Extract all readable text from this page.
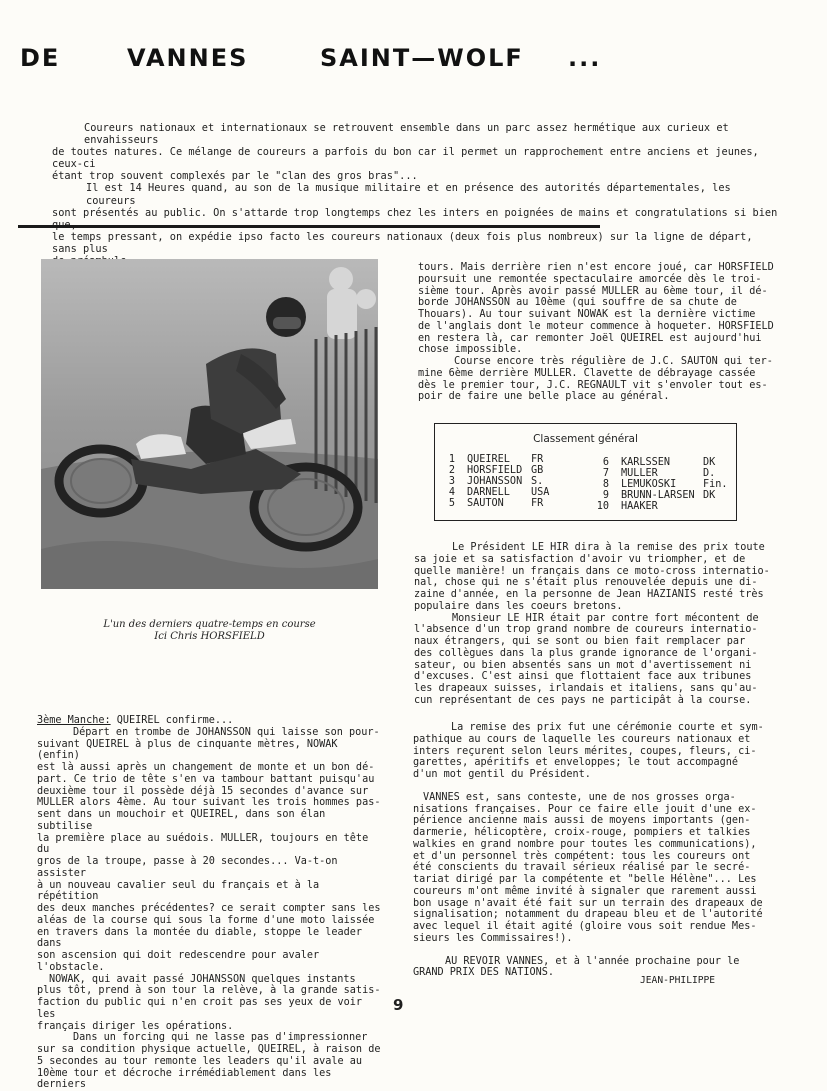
DE	VANNES	SAINT—WOLF ...

Coureurs nationaux et internationaux se retrouvent ensemble dans un parc assez hermétique aux curieux et envahisseurs

de toutes natures. Ce mélange de coureurs a parfois du bon car il permet un rapprochement entre anciens et jeunes, ceux-ci

étant trop souvent complexés par le "clan des gros bras"...

Il est 14 Heures quand, au son de la musique militaire et en présence des autorités départementales, les coureurs

sont présentés au public. On s'attarde trop longtemps chez les inters en poignées de mains et congratulations si bien

le temps pressant, on expédie ipso facto les coureurs nationaux (deux fois plus nombreux) sur la ligne de départ, sans plus

L'un des derniers quatre-temps en course
Ici Chris HORSFIELD

tours. Mais derrière rien n'est encore joué, car HORSFIELD

poursuit une remontée spectaculaire amorcée dès le troi-

sième tour. Après avoir passé MULLER au 6ème tour, il dé-

borde JOHANSSON au 10ème (qui souffre de sa chute de

Thouars). Au tour suivant NOWAK est la dernière victime

de l'anglais dont le moteur commence à hoqueter. HORSFIELD

en restera là, car remonter Joël QUEIREL est aujourd'hui

chose impossible.

Course encore très régulière de J.C. SAUTON qui ter-

mine 6ème derrière MULLER. Clavette de débrayage cassée

dès le premier tour, J.C. REGNAULT vit s'envoler tout es-

poir de faire une belle place au général.

Classement général
1 QUEIREL FR
2 HORSFIELD GB
3 JOHANSSON S.
4 DARNELL USA
5 SAUTON	FR
6 KARLSSEN	DK
7 MULLER	D.
8 LEMUKOSKI	Fin.
9 BRUNN-LARSEN DK
10 HAAKER

Le Président LE HIR dira à la remise des prix toute

sa joie et sa satisfaction d'avoir vu triompher, et de

quelle manière! un français dans ce moto-cross internatio-

nal, chose qui ne s'était plus renouvelée depuis une di-

zaine d'année, en la personne de Jean HAZIANIS resté très

populaire dans les coeurs bretons.

Monsieur LE HIR était par contre fort mécontent de

l'absence d'un trop grand nombre de coureurs internatio-

naux étrangers, qui se sont ou bien fait remplacer par

des collègues dans la plus grande ignorance de l'organi-

sateur, ou bien absentés sans un mot d'avertissement ni

d'excuses. C'est ainsi que flottaient face aux tribunes

les drapeaux suisses, irlandais et italiens, sans qu'au-

cun représentant de ces pays ne participât à la course.

3ème Manche: QUEIREL confirme...

Départ en trombe de JOHANSSON qui laisse son pour-

suivant QUEIREL à plus de cinquante mètres, NOWAK (enfin)

est là aussi après un changement de monte et un bon dé-

part. Ce trio de tête s'en va tambour battant puisqu'au

deuxième tour il possède déjà 15 secondes d'avance sur

MULLER alors 4ème. Au tour suivant les trois hommes pas-

sent dans un mouchoir et QUEIREL, dans son élan subtilise

la première place au suédois. MULLER, toujours en tête du

gros de la troupe, passe à 20 secondes... Va-t-on assister

à un nouveau cavalier seul du français et à la répétition

des deux manches précédentes? ce serait compter sans les

aléas de la course qui sous la forme d'une moto laissée

en travers dans la montée du diable, stoppe le leader dans

son ascension qui doit redescendre pour avaler l'obstacle.

NOWAK, qui avait passé JOHANSSON quelques instants

plus tôt, prend à son tour la relève, à la grande satis-

faction du public qui n'en croit pas ses yeux de voir les

français diriger les opérations.

Dans un forcing qui ne lasse pas d'impressionner

sur sa condition physique actuelle, QUEIREL, à raison de

5 secondes au tour remonte les leaders qu'il avale au

10ème tour et décroche irrémédiablement dans les derniers

La remise des prix fut une cérémonie courte et sym-

pathique au cours de laquelle les coureurs nationaux et

inters reçurent selon leurs mérites, coupes, fleurs, ci-

garettes, apéritifs et enveloppes; le tout accompagné

d'un mot gentil du Président.

VANNES est, sans conteste, une de nos grosses orga-

nisations françaises. Pour ce faire elle jouit d'une ex-

périence ancienne mais aussi de moyens importants (gen-

darmerie, hélicoptère, croix-rouge, pompiers et talkies

walkies en grand nombre pour toutes les communications),

et d'un personnel très compétent: tous les coureurs ont

été conscients du travail sérieux réalisé par le secré-

tariat dirigé par la compétente et "belle Hélène"... Les

coureurs m'ont même invité à signaler que rarement aussi

bon usage n'avait été fait sur un terrain des drapeaux de

signalisation; notamment du drapeau bleu et de l'autorité

avec lequel il était agité (gloire vous soit rendue Mes-

sieurs les Commissaires!).

AU REVOIR VANNES, et à l'année prochaine pour le

GRAND PRIX DES NATIONS.

JEAN-PHILIPPE
9
